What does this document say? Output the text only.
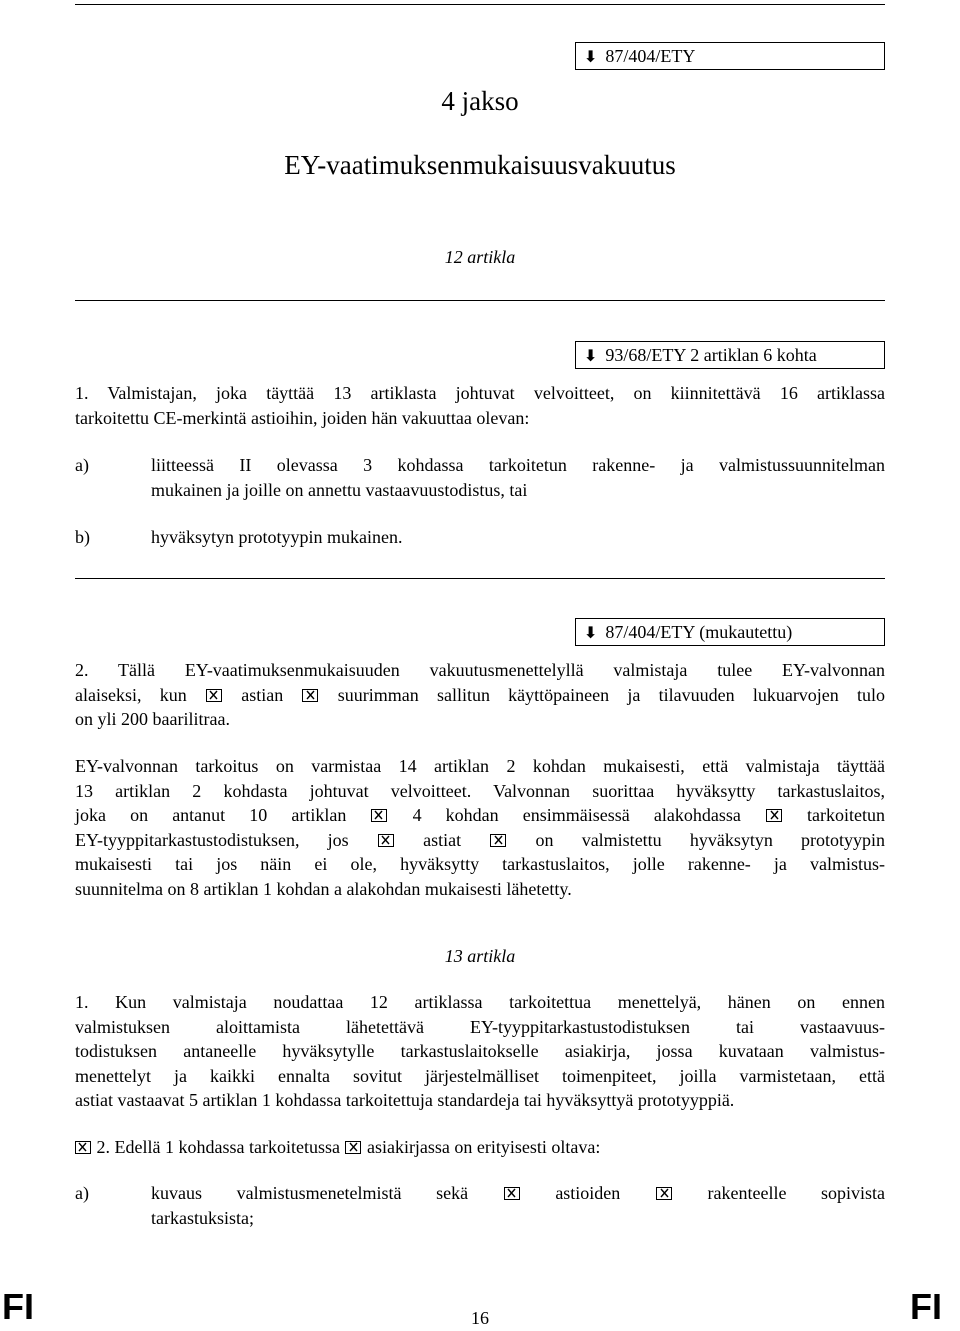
⬇ 87/404/ETY
4 jakso
EY-vaatimuksenmukaisuusvakuutus
12 artikla
⬇ 93/68/ETY 2 artiklan 6 kohta
1. Valmistajan, joka täyttää 13 artiklasta johtuvat velvoitteet, on kiinnitettävä 16 artiklassa
tarkoitettu CE-merkintä astioihin, joiden hän vakuuttaa olevan:
a)	liitteessä II olevassa 3 kohdassa tarkoitetun rakenne- ja valmistussuunnitelman
mukainen ja joille on annettu vastaavuustodistus, tai
b)	hyväksytyn prototyypin mukainen.
⬇ 87/404/ETY (mukautettu)
2. Tällä EY-vaatimuksenmukaisuuden vakuutusmenettelyllä valmistaja tulee EY-valvonnan
alaiseksi, kun	astian	suurimman sallitun käyttöpaineen ja tilavuuden lukuarvojen tulo
on yli 200 baarilitraa.
EY-valvonnan tarkoitus on varmistaa 14 artiklan 2 kohdan mukaisesti, että valmistaja täyttää
13 artiklan 2 kohdasta johtuvat velvoitteet. Valvonnan suorittaa hyväksytty tarkastuslaitos,
joka on antanut 10 artiklan	4 kohdan ensimmäisessä alakohdassa	tarkoitetun
EY-tyyppitarkastustodistuksen, jos	astiat	on valmistettu hyväksytyn prototyypin
mukaisesti tai jos näin ei ole, hyväksytty tarkastuslaitos, jolle rakenne- ja valmistus-
suunnitelma on 8 artiklan 1 kohdan a alakohdan mukaisesti lähetetty.
13 artikla
1. Kun valmistaja noudattaa 12 artiklassa tarkoitettua menettelyä, hänen on ennen
valmistuksen aloittamista lähetettävä EY-tyyppitarkastustodistuksen tai vastaavuus-
todistuksen antaneelle hyväksytylle tarkastuslaitokselle asiakirja, jossa kuvataan valmistus-
menettelyt ja kaikki ennalta sovitut järjestelmälliset toimenpiteet, joilla varmistetaan, että
astiat vastaavat 5 artiklan 1 kohdassa tarkoitettuja standardeja tai hyväksyttyä prototyyppiä.
2. Edellä 1 kohdassa tarkoitetussa asiakirjassa on erityisesti oltava:
a)	kuvaus valmistusmenetelmistä sekä	astioiden	rakenteelle sopivista
tarkastuksista;
FI	16	FI
